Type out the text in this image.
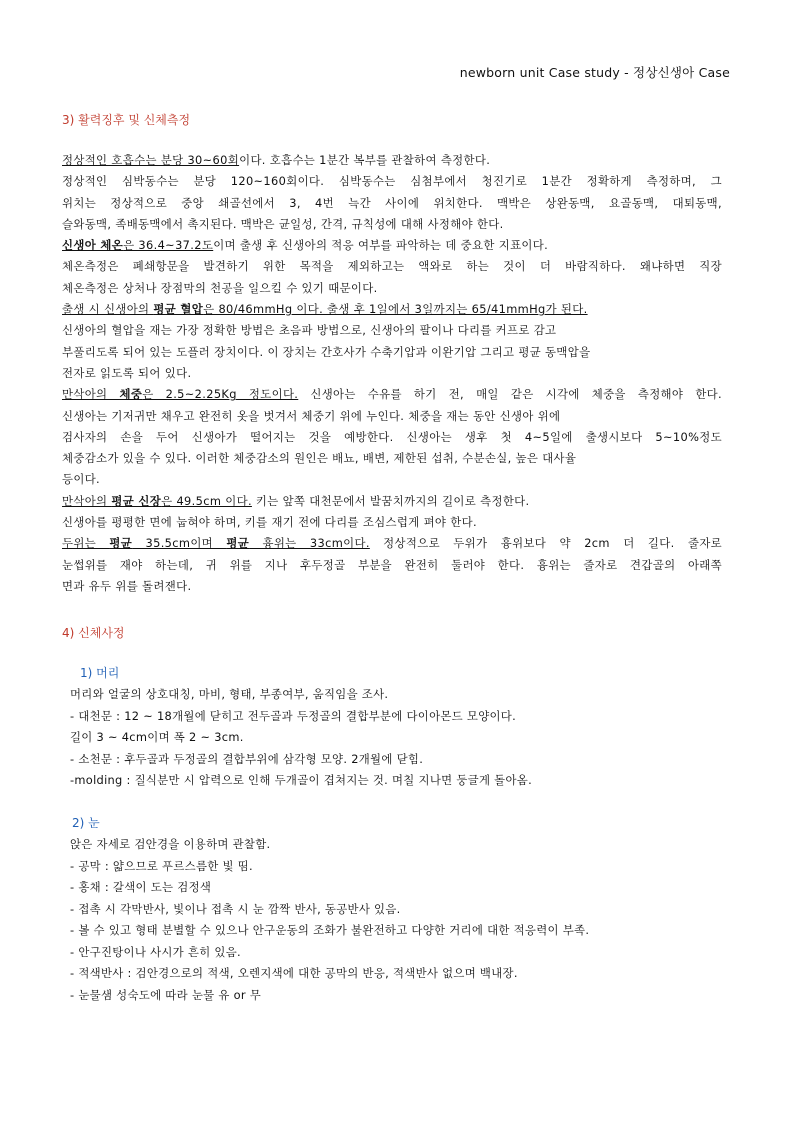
newborn unit Case study - 정상신생아 Case
3) 활력징후 및 신체측정

정상적인 호흡수는 분당 30~60회이다. 호흡수는 1분간 복부를 관찰하여 측정한다.

정상적인 심박동수는 분당 120~160회이다. 심박동수는 심첨부에서 청진기로 1분간 정확하게 측정하며, 그

위치는 정상적으로 중앙 쇄골선에서 3, 4번 늑간 사이에 위치한다. 맥박은 상완동맥, 요골동맥, 대퇴동맥,

슬와동맥, 족배동맥에서 촉지된다. 맥박은 균일성, 간격, 규칙성에 대해 사정해야 한다.

신생아 체온은 36.4~37.2도이며 출생 후 신생아의 적응 여부를 파악하는 데 중요한 지표이다.

체온측정은 폐쇄항문을 발견하기 위한 목적을 제외하고는 액와로 하는 것이 더 바람직하다. 왜냐하면 직장

체온측정은 상처나 장점막의 천공을 일으킬 수 있기 때문이다.

출생 시 신생아의 평균 혈압은 80/46mmHg 이다. 출생 후 1일에서 3일까지는 65/41mmHg가 된다.

신생아의 혈압을 재는 가장 정확한 방법은 초음파 방법으로, 신생아의 팔이나 다리를 커프로 감고

부풀리도록 되어 있는 도플러 장치이다. 이 장치는 간호사가 수축기압과 이완기압 그리고 평균 동맥압을

전자로 읽도록 되어 있다.

만삭아의 체중은 2.5~2.25Kg 정도이다. 신생아는 수유를 하기 전, 매일 같은 시각에 체중을 측정해야 한다.

신생아는 기저귀만 채우고 완전히 옷을 벗겨서 체중기 위에 누인다. 체중을 재는 동안 신생아 위에

검사자의 손을 두어 신생아가 떨어지는 것을 예방한다. 신생아는 생후 첫 4~5일에 출생시보다 5~10%정도

체중감소가 있을 수 있다. 이러한 체중감소의 원인은 배뇨, 배변, 제한된 섭취, 수분손실, 높은 대사율

등이다.

만삭아의 평균 신장은 49.5cm 이다. 키는 앞쪽 대천문에서 발꿈치까지의 길이로 측정한다.

신생아를 평평한 면에 눕혀야 하며, 키를 재기 전에 다리를 조심스럽게 펴야 한다.

두위는 평균 35.5cm이며 평균 흉위는 33cm이다. 정상적으로 두위가 흉위보다 약 2cm 더 길다. 줄자로

눈썹위를 재야 하는데, 귀 위를 지나 후두정골 부분을 완전히 둘러야 한다. 흉위는 줄자로 견갑골의 아래쪽

면과 유두 위를 돌려잰다.

4) 신체사정
1) 머리

머리와 얼굴의 상호대칭, 마비, 형태, 부종여부, 움직임을 조사.

- 대천문 : 12 ~ 18개월에 닫히고 전두골과 두정골의 결합부분에 다이아몬드 모양이다.

길이 3 ~ 4cm이며 폭 2 ~ 3cm.

- 소천문 : 후두골과 두정골의 결합부위에 삼각형 모양. 2개월에 닫힘.

-molding : 질식분만 시 압력으로 인해 두개골이 겹쳐지는 것. 며칠 지나면 둥글게 돌아옴.

2) 눈

앉은 자세로 검안경을 이용하며 관찰함.

- 공막 : 얇으므로 푸르스름한 빛 띰.

- 홍채 : 갈색이 도는 검정색

- 접촉 시 각막반사, 빛이나 접촉 시 눈 깜짝 반사, 동공반사 있음.

- 볼 수 있고 형태 분별할 수 있으나 안구운동의 조화가 불완전하고 다양한 거리에 대한 적응력이 부족.

- 안구진탕이나 사시가 흔히 있음.

- 적색반사 : 검안경으로의 적색, 오렌지색에 대한 공막의 반응, 적색반사 없으며 백내장.

- 눈물샘 성숙도에 따라 눈물 유 or 무
